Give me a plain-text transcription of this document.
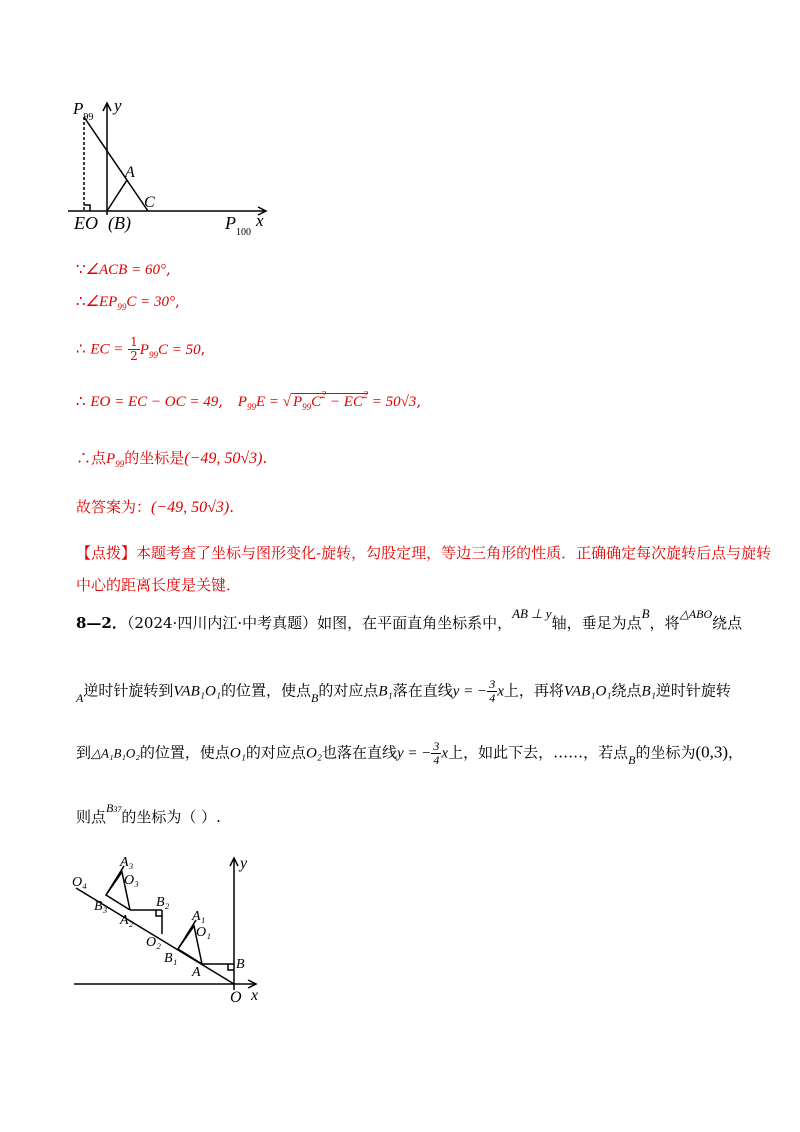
$P_{99}$
y
A
C
EO (B)	$P_{100}$
x
∵∠ACB = 60°,
$\therefore\angle EP_{99}C = 30^\circ$,
∴ EC = $\frac{1}{2} P_{99}C = 50$,
∴ EO = EC − OC = 49, $P_{99}E$ = √ $P_{99}C^2 - EC^2 = 50√3$,
∴点$P_{99}$的坐标是(−49, 50√3).
故答案为：(−49, 50√3).
【点拨】本题考查了坐标与图形变化-旋转，勾股定理，等边三角形的性质．正确确定每次旋转后点与旋转
中心的距离长度是关键．
8—2．（2024·四川内江·中考真题）如图，在平面直角坐标系中，AB ⊥ y轴，垂足为点B，将$^{\triangle ABO}$绕点
$_A$逆时针旋转到VAB₁O₁的位置，使点$_B$的对应点B₁落在直线y = − $\frac{3}{4}$ x上，再将VAB₁O₁绕点B₁逆时针旋转
到△A₁B₁O₂的位置，使点O₁的对应点O₂也落在直线y = − $\frac{3}{4}$ x上，如此下去，……，若点$_B$的坐标为(0,3)，
则点$^{B37}$的坐标为（ ）.
y
x
O
A
B
B₁
O₁
A₁
O₂
B₂
A₂
B₃
O₃
A₃
O₄
